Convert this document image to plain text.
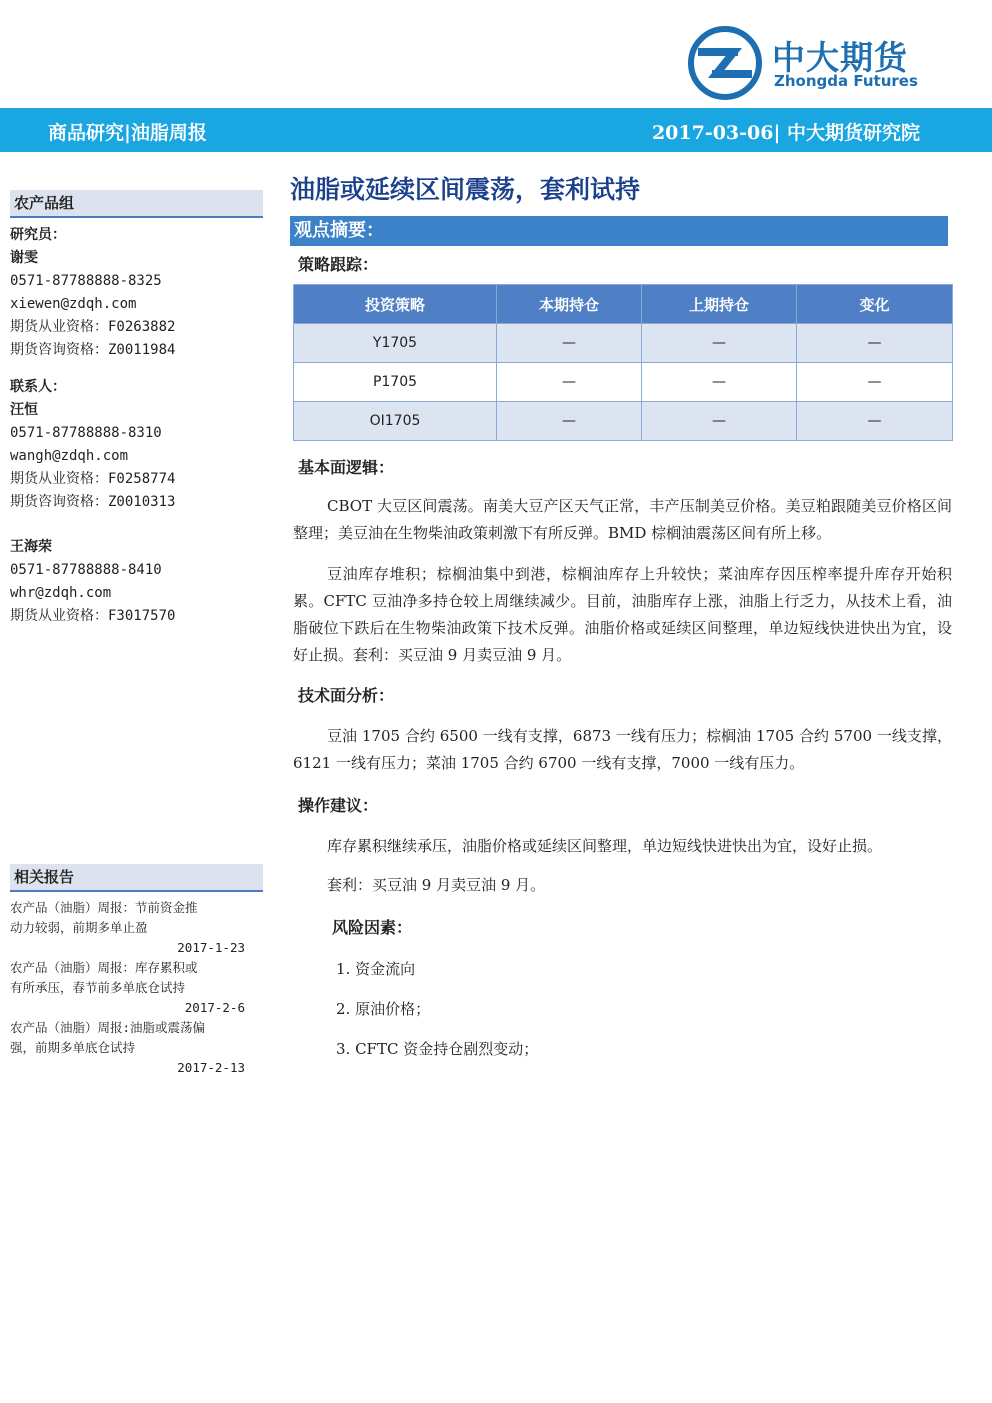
中大期货
Zhongda Futures
商品研究|油脂周报	2017-03-06| 中大期货研究院
农产品组
研究员：
谢雯
0571-87788888-8325
xiewen@zdqh.com
期货从业资格：F0263882
期货咨询资格：Z0011984
联系人：
汪恒
0571-87788888-8310
wangh@zdqh.com
期货从业资格：F0258774
期货咨询资格：Z0010313
王海荣
0571-87788888-8410
whr@zdqh.com
期货从业资格：F3017570
相关报告
农产品（油脂）周报：节前资金推
动力较弱，前期多单止盈
2017-1-23
农产品（油脂）周报：库存累积或
有所承压，春节前多单底仓试持
2017-2-6
农产品（油脂）周报:油脂或震荡偏
强，前期多单底仓试持
2017-2-13
油脂或延续区间震荡，套利试持
观点摘要：
策略跟踪：
投资策略	本期持仓	上期持仓	变化
Y1705	—	—	—
P1705	—	—	—
OI1705	—	—	—
基本面逻辑：

CBOT 大豆区间震荡。南美大豆产区天气正常，丰产压制美豆价格。美豆粕跟随美豆价格区间整理；美豆油在生物柴油政策刺激下有所反弹。BMD 棕榈油震荡区间有所上移。

豆油库存堆积；棕榈油集中到港，棕榈油库存上升较快；菜油库存因压榨率提升库存开始积累。CFTC 豆油净多持仓较上周继续减少。目前，油脂库存上涨，油脂上行乏力，从技术上看，油脂破位下跌后在生物柴油政策下技术反弹。油脂价格或延续区间整理，单边短线快进快出为宜，设好止损。套利：买豆油 9 月卖豆油 9 月。

技术面分析：

豆油 1705 合约 6500 一线有支撑，6873 一线有压力；棕榈油 1705 合约 5700 一线支撑，6121 一线有压力；菜油 1705 合约 6700 一线有支撑，7000 一线有压力。

操作建议：

库存累积继续承压，油脂价格或延续区间整理，单边短线快进快出为宜，设好止损。

套利：买豆油 9 月卖豆油 9 月。

风险因素：
1. 资金流向
2. 原油价格；
3. CFTC 资金持仓剧烈变动；
